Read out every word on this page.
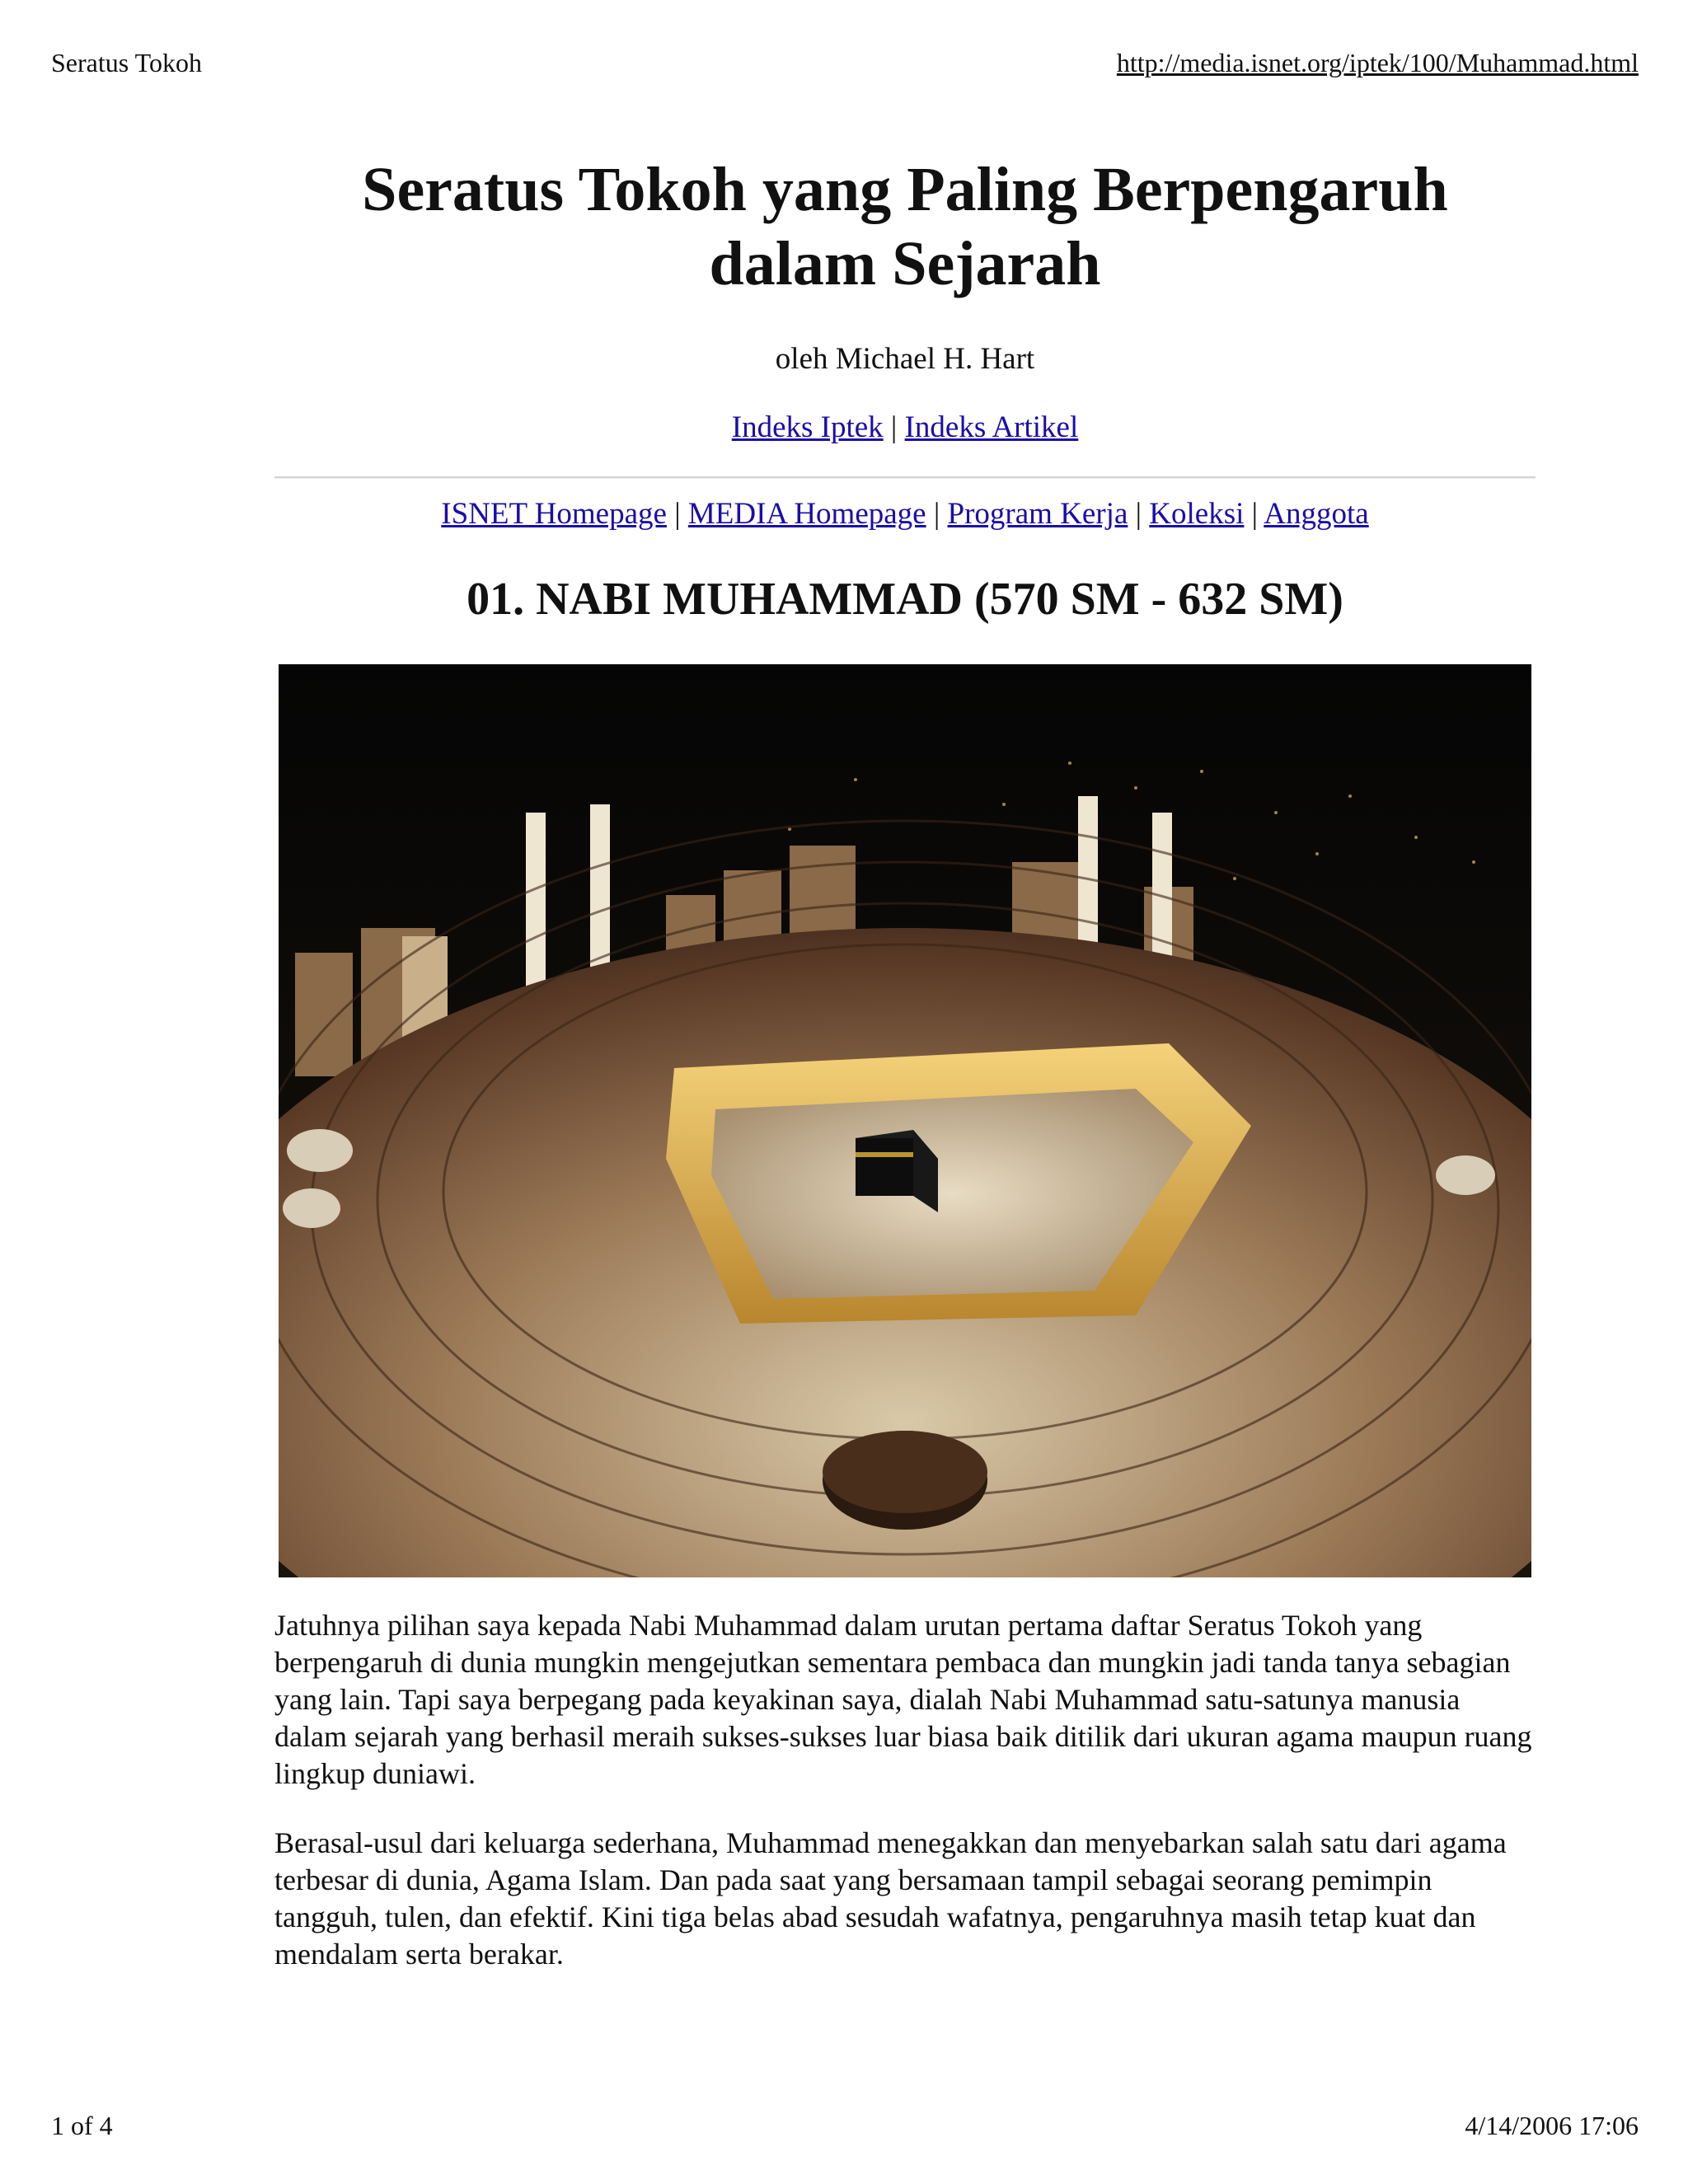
Seratus Tokoh	http://media.isnet.org/iptek/100/Muhammad.html
Seratus Tokoh yang Paling Berpengaruh dalam Sejarah
oleh Michael H. Hart
Indeks Iptek | Indeks Artikel
ISNET Homepage | MEDIA Homepage | Program Kerja | Koleksi | Anggota
01. NABI MUHAMMAD (570 SM - 632 SM)

Jatuhnya pilihan saya kepada Nabi Muhammad dalam urutan pertama daftar Seratus Tokoh yang berpengaruh di dunia mungkin mengejutkan sementara pembaca dan mungkin jadi tanda tanya sebagian yang lain. Tapi saya berpegang pada keyakinan saya, dialah Nabi Muhammad satu-satunya manusia dalam sejarah yang berhasil meraih sukses-sukses luar biasa baik ditilik dari ukuran agama maupun ruang lingkup duniawi.

Berasal-usul dari keluarga sederhana, Muhammad menegakkan dan menyebarkan salah satu dari agama terbesar di dunia, Agama Islam. Dan pada saat yang bersamaan tampil sebagai seorang pemimpin tangguh, tulen, dan efektif. Kini tiga belas abad sesudah wafatnya, pengaruhnya masih tetap kuat dan mendalam serta berakar.

1 of 4	4/14/2006 17:06
